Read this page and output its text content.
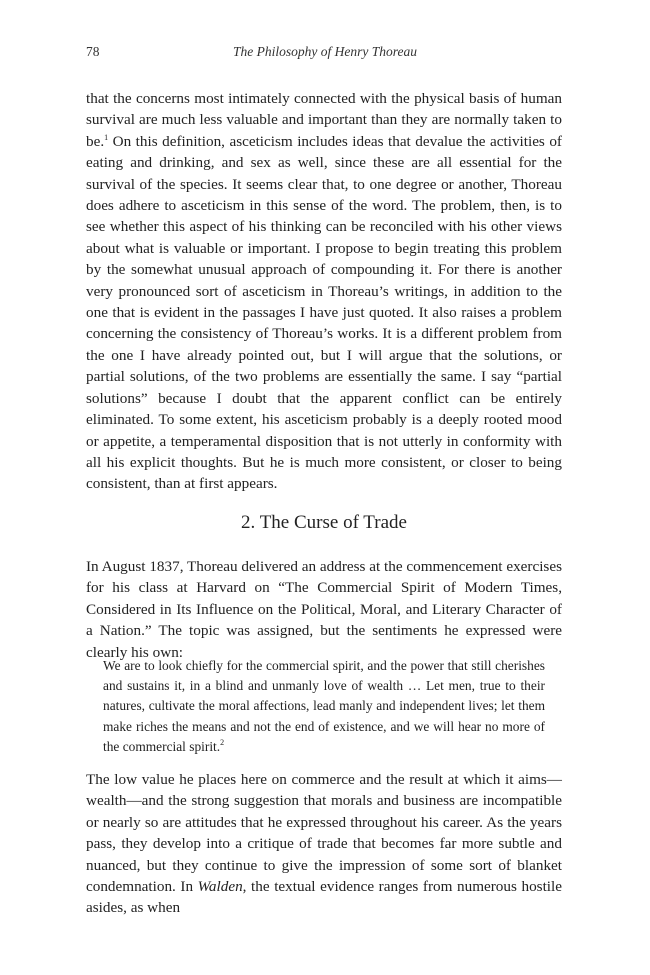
78	The Philosophy of Henry Thoreau

that the concerns most intimately connected with the physical basis of human survival are much less valuable and important than they are normally taken to be.$^1$ On this definition, asceticism includes ideas that devalue the activities of eating and drinking, and sex as well, since these are all essential for the survival of the species. It seems clear that, to one degree or another, Thoreau does adhere to asceticism in this sense of the word. The problem, then, is to see whether this aspect of his thinking can be reconciled with his other views about what is valuable or important. I propose to begin treating this problem by the somewhat unusual approach of compounding it. For there is another very pronounced sort of asceticism in Thoreau’s writings, in addition to the one that is evident in the passages I have just quoted. It also raises a problem concerning the consistency of Thoreau’s works. It is a different problem from the one I have already pointed out, but I will argue that the solutions, or partial solutions, of the two problems are essentially the same. I say “partial solutions” because I doubt that the apparent conflict can be entirely eliminated. To some extent, his asceticism probably is a deeply rooted mood or appetite, a temperamental disposition that is not utterly in conformity with all his explicit thoughts. But he is much more consistent, or closer to being consistent, than at first appears.

2. The Curse of Trade

In August 1837, Thoreau delivered an address at the commencement exercises for his class at Harvard on “The Commercial Spirit of Modern Times, Considered in Its Influence on the Political, Moral, and Literary Character of a Nation.” The topic was assigned, but the sentiments he expressed were clearly his own:

We are to look chiefly for the commercial spirit, and the power that still cherishes and sustains it, in a blind and unmanly love of wealth … Let men, true to their natures, cultivate the moral affections, lead manly and independent lives; let them make riches the means and not the end of existence, and we will hear no more of the commercial spirit.$^2$

The low value he places here on commerce and the result at which it aims—wealth—and the strong suggestion that morals and business are incompatible or nearly so are attitudes that he expressed throughout his career. As the years pass, they develop into a critique of trade that becomes far more subtle and nuanced, but they continue to give the impression of some sort of blanket condemnation. In Walden, the textual evidence ranges from numerous hostile asides, as when
